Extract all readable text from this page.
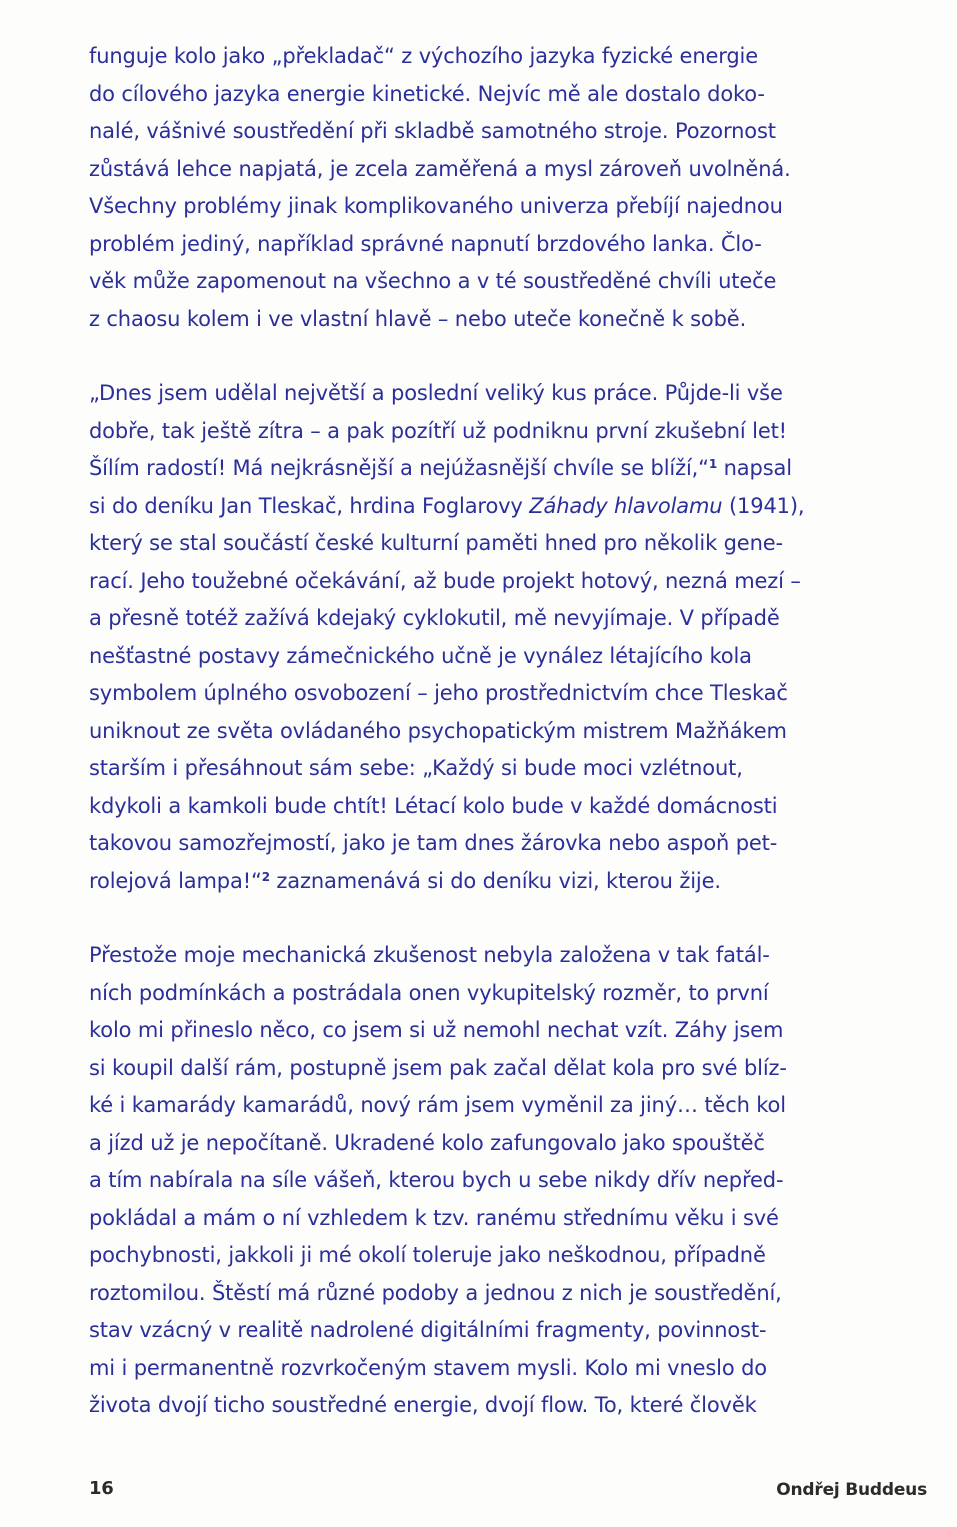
funguje kolo jako „překladač“ z výchozího jazyka fyzické energie
do cílového jazyka energie kinetické. Nejvíc mě ale dostalo doko-
nalé, vášnivé soustředění při skladbě samotného stroje. Pozornost
zůstává lehce napjatá, je zcela zaměřená a mysl zároveň uvolněná.
Všechny problémy jinak komplikovaného univerza přebíjí najednou
problém jediný, například správné napnutí brzdového lanka. Člo-
věk může zapomenout na všechno a v té soustředěné chvíli uteče
z chaosu kolem i ve vlastní hlavě – nebo uteče konečně k sobě.
„Dnes jsem udělal největší a poslední veliký kus práce. Půjde-li vše
dobře, tak ještě zítra – a pak pozítří už podniknu první zkušební let!
Šílím radostí! Má nejkrásnější a nejúžasnější chvíle se blíží,“$^1$ napsal
si do deníku Jan Tleskač, hrdina Foglarovy Záhady hlavolamu (1941),
který se stal součástí české kulturní paměti hned pro několik gene-
rací. Jeho toužebné očekávání, až bude projekt hotový, nezná mezí –
a přesně totéž zažívá kdejaký cyklokutil, mě nevyjímaje. V případě
nešťastné postavy zámečnického učně je vynález létajícího kola
symbolem úplného osvobození – jeho prostřednictvím chce Tleskač
uniknout ze světa ovládaného psychopatickým mistrem Mažňákem
starším i přesáhnout sám sebe: „Každý si bude moci vzlétnout,
kdykoli a kamkoli bude chtít! Létací kolo bude v každé domácnosti
takovou samozřejmostí, jako je tam dnes žárovka nebo aspoň pet-
rolejová lampa!“$^2$ zaznamenává si do deníku vizi, kterou žije.
Přestože moje mechanická zkušenost nebyla založena v tak fatál-
ních podmínkách a postrádala onen vykupitelský rozměr, to první
kolo mi přineslo něco, co jsem si už nemohl nechat vzít. Záhy jsem
si koupil další rám, postupně jsem pak začal dělat kola pro své blíz-
ké i kamarády kamarádů, nový rám jsem vyměnil za jiný… těch kol
a jízd už je nepočítaně. Ukradené kolo zafungovalo jako spouštěč
a tím nabírala na síle vášeň, kterou bych u sebe nikdy dřív nepřed-
pokládal a mám o ní vzhledem k tzv. ranému střednímu věku i své
pochybnosti, jakkoli ji mé okolí toleruje jako neškodnou, případně
roztomilou. Štěstí má různé podoby a jednou z nich je soustředění,
stav vzácný v realitě nadrolené digitálními fragmenty, povinnost-
mi i permanentně rozvrkočeným stavem mysli. Kolo mi vneslo do
života dvojí ticho soustředné energie, dvojí flow. To, které člověk
16	Ondřej Buddeus
